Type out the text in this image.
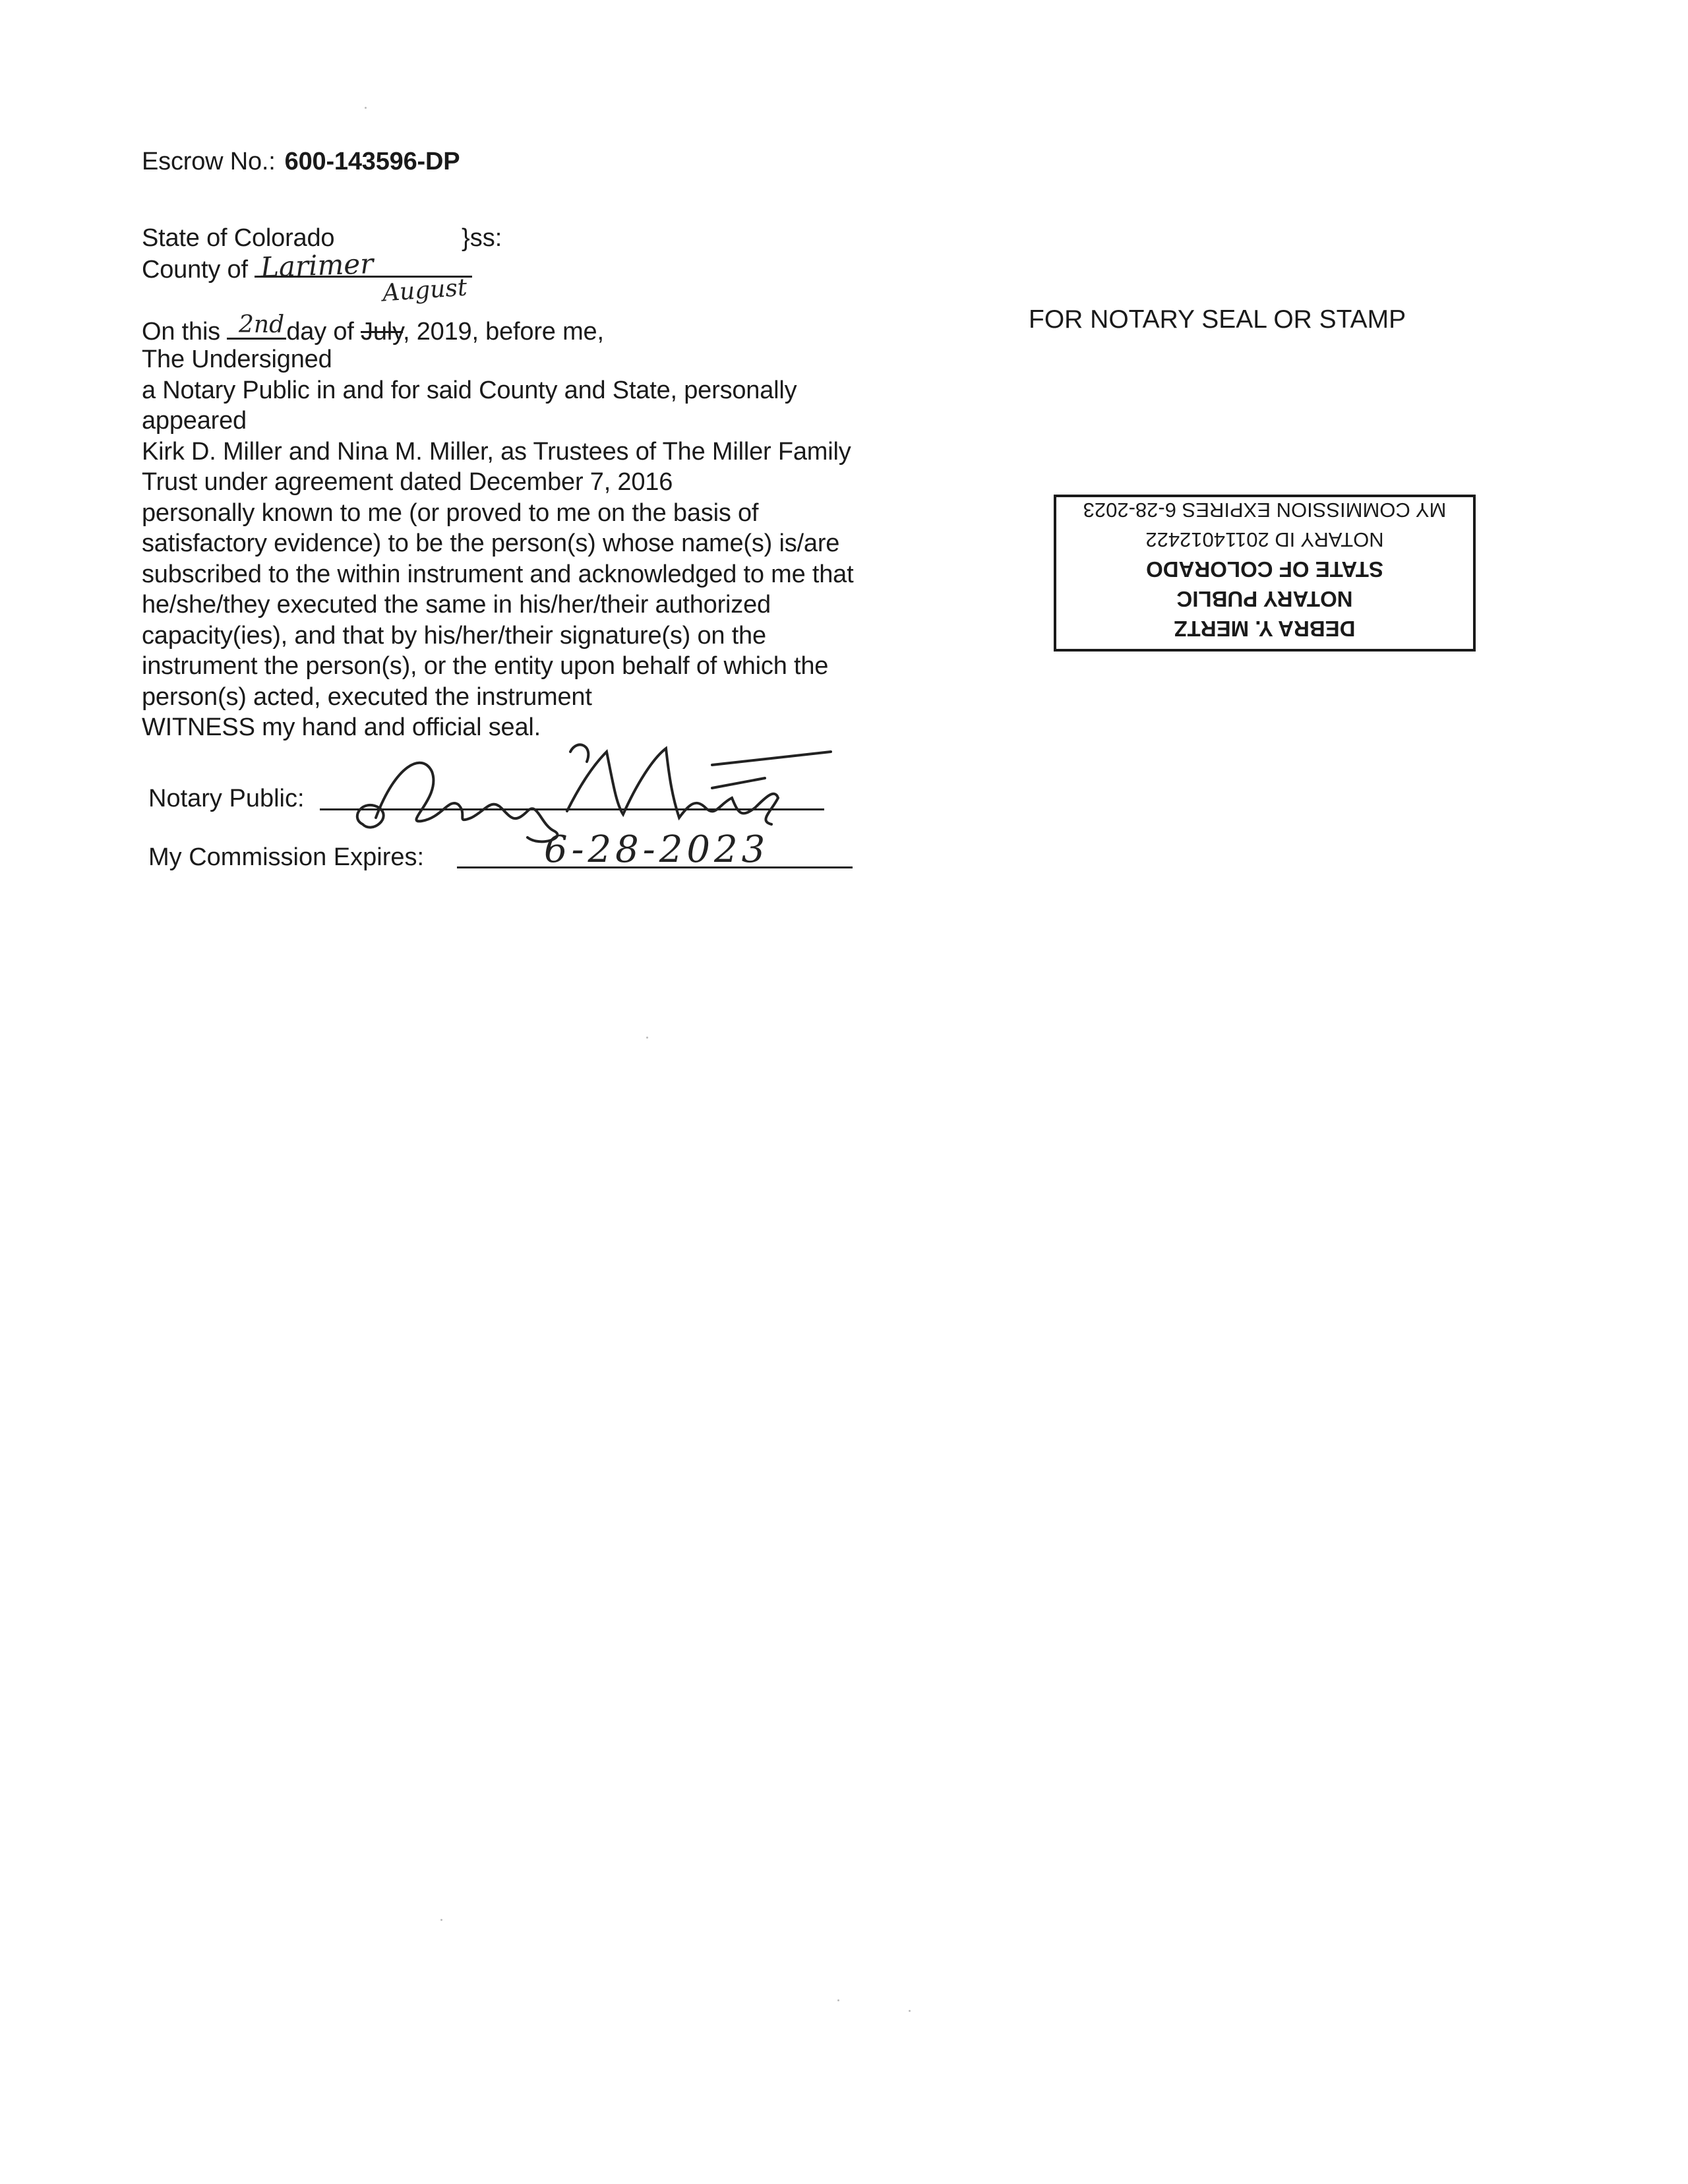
Escrow No.: 600-143596-DP
State of Colorado	}ss:
County of Larimer
August
On this	day of July, 2019, before me,
2nd
The Undersigned
a Notary Public in and for said County and State, personally
appeared
Kirk D. Miller and Nina M. Miller, as Trustees of The Miller Family
Trust under agreement dated December 7, 2016
personally known to me (or proved to me on the basis of
satisfactory evidence) to be the person(s) whose name(s) is/are
subscribed to the within instrument and acknowledged to me that
he/she/they executed the same in his/her/their authorized
capacity(ies), and that by his/her/their signature(s) on the
instrument the person(s), or the entity upon behalf of which the
person(s) acted, executed the instrument
WITNESS my hand and official seal.
FOR NOTARY SEAL OR STAMP
DEBRA Y. MERTZ
NOTARY PUBLIC
STATE OF COLORADO
NOTARY ID 20114012422
MY COMMISSION EXPIRES 6-28-2023
Notary Public:
My Commission Expires:	6-28-2023
